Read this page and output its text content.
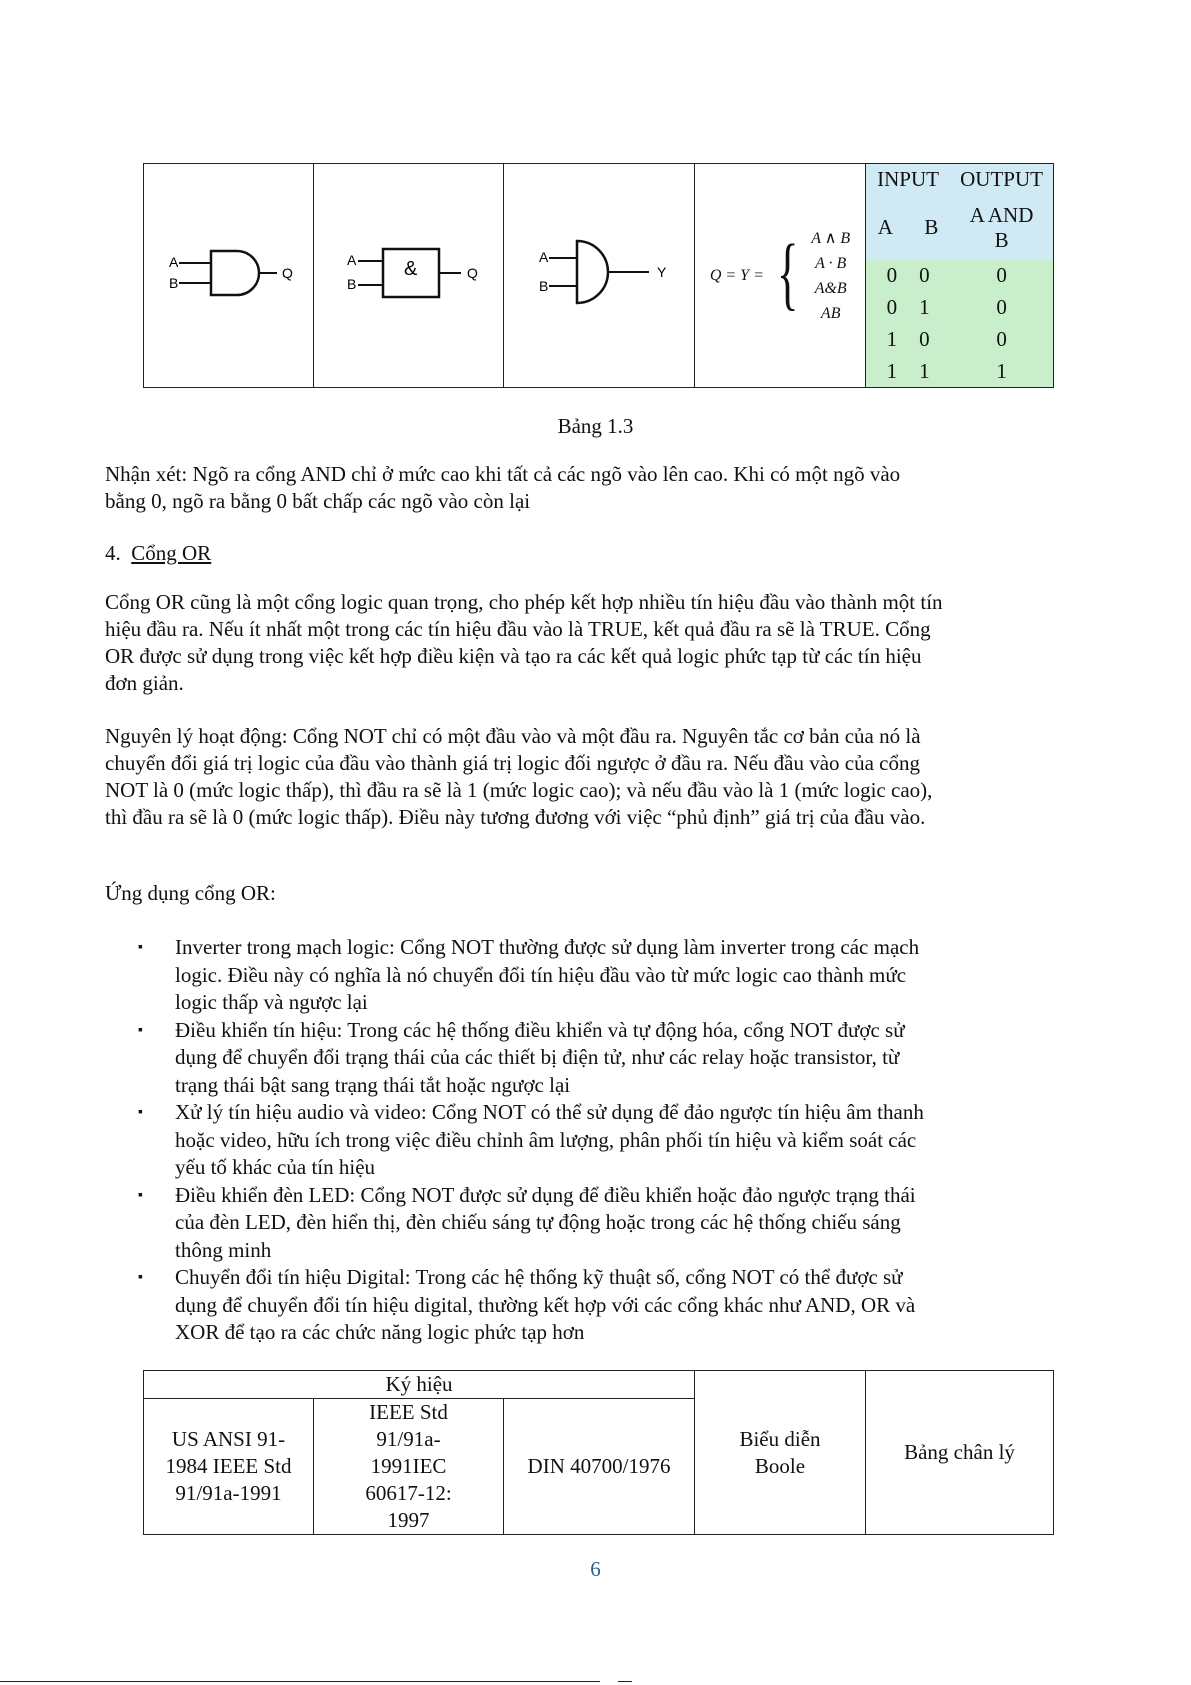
A
B
Q	&
A
B
Q

A
B
Y	Q = Y = { A ∧ B
A · B
A&B
AB

INPUT	OUTPUT
A B	A AND B
0 0	0
0 1	0
1 0	0
1 1	1
Bảng 1.3

Nhận xét: Ngõ ra cổng AND chỉ ở mức cao khi tất cả các ngõ vào lên cao. Khi có một ngõ vào bằng 0, ngõ ra bằng 0 bất chấp các ngõ vào còn lại

4. Cổng OR

Cổng OR cũng là một cổng logic quan trọng, cho phép kết hợp nhiều tín hiệu đầu vào thành một tín hiệu đầu ra. Nếu ít nhất một trong các tín hiệu đầu vào là TRUE, kết quả đầu ra sẽ là TRUE. Cổng OR được sử dụng trong việc kết hợp điều kiện và tạo ra các kết quả logic phức tạp từ các tín hiệu đơn giản.

Nguyên lý hoạt động: Cổng NOT chỉ có một đầu vào và một đầu ra. Nguyên tắc cơ bản của nó là chuyển đổi giá trị logic của đầu vào thành giá trị logic đối ngược ở đầu ra. Nếu đầu vào của cổng NOT là 0 (mức logic thấp), thì đầu ra sẽ là 1 (mức logic cao); và nếu đầu vào là 1 (mức logic cao), thì đầu ra sẽ là 0 (mức logic thấp). Điều này tương đương với việc “phủ định” giá trị của đầu vào.

Ứng dụng cổng OR:

▪ Inverter trong mạch logic: Cổng NOT thường được sử dụng làm inverter trong các mạch logic. Điều này có nghĩa là nó chuyển đổi tín hiệu đầu vào từ mức logic cao thành mức logic thấp và ngược lại
▪ Điều khiển tín hiệu: Trong các hệ thống điều khiển và tự động hóa, cổng NOT được sử dụng để chuyển đổi trạng thái của các thiết bị điện tử, như các relay hoặc transistor, từ trạng thái bật sang trạng thái tắt hoặc ngược lại
▪ Xử lý tín hiệu audio và video: Cổng NOT có thể sử dụng để đảo ngược tín hiệu âm thanh hoặc video, hữu ích trong việc điều chỉnh âm lượng, phân phối tín hiệu và kiểm soát các yếu tố khác của tín hiệu
▪ Điều khiển đèn LED: Cổng NOT được sử dụng để điều khiển hoặc đảo ngược trạng thái của đèn LED, đèn hiển thị, đèn chiếu sáng tự động hoặc trong các hệ thống chiếu sáng thông minh
▪ Chuyển đổi tín hiệu Digital: Trong các hệ thống kỹ thuật số, cổng NOT có thể được sử dụng để chuyển đổi tín hiệu digital, thường kết hợp với các cổng khác như AND, OR và XOR để tạo ra các chức năng logic phức tạp hơn
Ký hiệu			Biểu diễn Boole	Bảng chân lý
US ANSI 91-1984 IEEE Std 91/91a-1991	IEEE Std 91/91a-1991IEC 60617-12: 1997	DIN 40700/1976		
6
